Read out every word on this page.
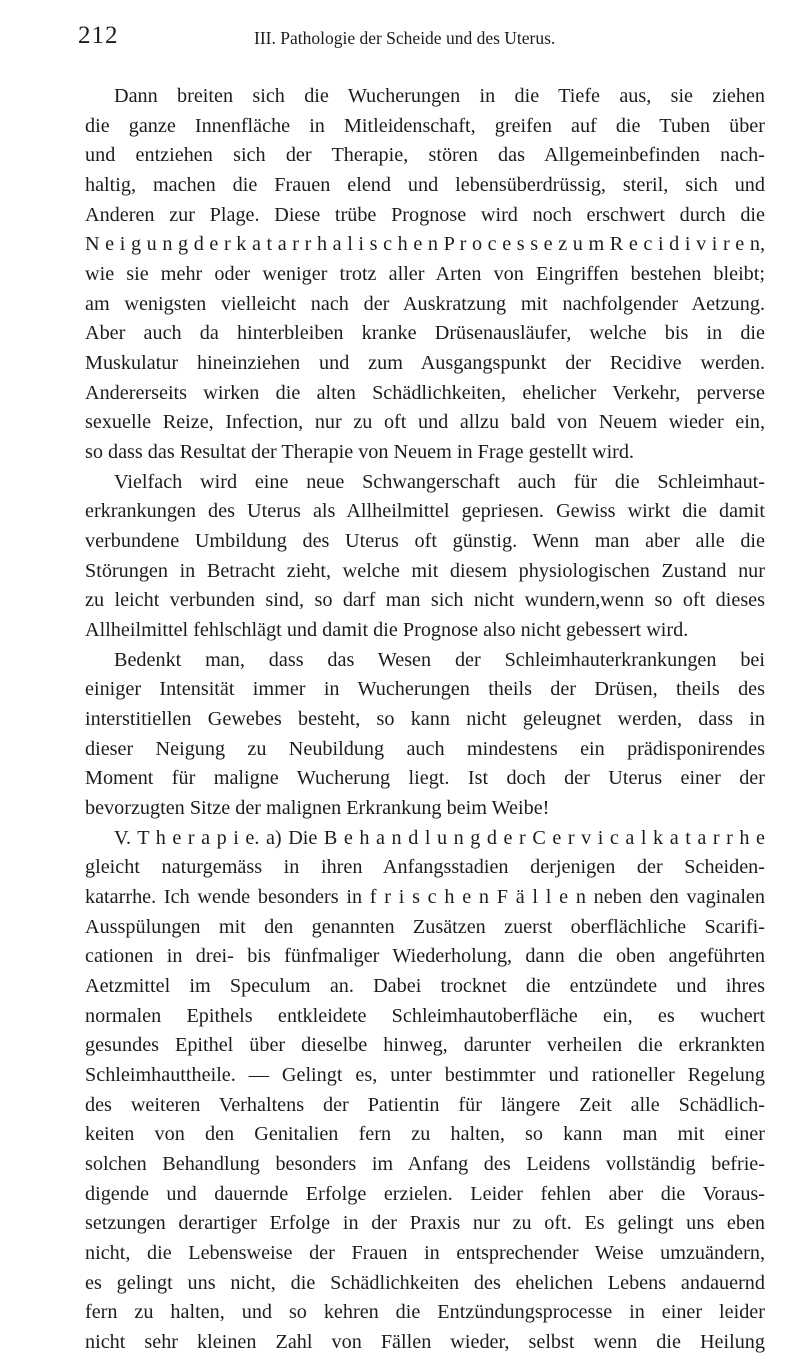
212	III. Pathologie der Scheide und des Uterus.
Dann breiten sich die Wucherungen in die Tiefe aus, sie ziehen
die ganze Innenfläche in Mitleidenschaft, greifen auf die Tuben über
und entziehen sich der Therapie, stören das Allgemeinbefinden nach-
haltig, machen die Frauen elend und lebensüberdrüssig, steril, sich und
Anderen zur Plage. Diese trübe Prognose wird noch erschwert durch die
N e i g u n g d e r k a t a r r h a l i s c h e n P r o c e s s e z u m R e c i d i v i r e n,
wie sie mehr oder weniger trotz aller Arten von Eingriffen bestehen bleibt;
am wenigsten vielleicht nach der Auskratzung mit nachfolgender Aetzung.
Aber auch da hinterbleiben kranke Drüsenausläufer, welche bis in die
Muskulatur hineinziehen und zum Ausgangspunkt der Recidive werden.
Andererseits wirken die alten Schädlichkeiten, ehelicher Verkehr, perverse
sexuelle Reize, Infection, nur zu oft und allzu bald von Neuem wieder ein,
so dass das Resultat der Therapie von Neuem in Frage gestellt wird.
Vielfach wird eine neue Schwangerschaft auch für die Schleimhaut-
erkrankungen des Uterus als Allheilmittel gepriesen. Gewiss wirkt die damit
verbundene Umbildung des Uterus oft günstig. Wenn man aber alle die
Störungen in Betracht zieht, welche mit diesem physiologischen Zustand nur
zu leicht verbunden sind, so darf man sich nicht wundern,wenn so oft dieses
Allheilmittel fehlschlägt und damit die Prognose also nicht gebessert wird.
Bedenkt man, dass das Wesen der Schleimhauterkrankungen bei
einiger Intensität immer in Wucherungen theils der Drüsen, theils des
interstitiellen Gewebes besteht, so kann nicht geleugnet werden, dass in
dieser Neigung zu Neubildung auch mindestens ein prädisponirendes
Moment für maligne Wucherung liegt. Ist doch der Uterus einer der
bevorzugten Sitze der malignen Erkrankung beim Weibe!
V. T h e r a p i e. a) Die B e h a n d l u n g d e r C e r v i c a l k a t a r r h e
gleicht naturgemäss in ihren Anfangsstadien derjenigen der Scheiden-
katarrhe. Ich wende besonders in f r i s c h e n F ä l l e n neben den vaginalen
Ausspülungen mit den genannten Zusätzen zuerst oberflächliche Scarifi-
cationen in drei- bis fünfmaliger Wiederholung, dann die oben angeführten
Aetzmittel im Speculum an. Dabei trocknet die entzündete und ihres
normalen Epithels entkleidete Schleimhautoberfläche ein, es wuchert
gesundes Epithel über dieselbe hinweg, darunter verheilen die erkrankten
Schleimhauttheile. — Gelingt es, unter bestimmter und rationeller Regelung
des weiteren Verhaltens der Patientin für längere Zeit alle Schädlich-
keiten von den Genitalien fern zu halten, so kann man mit einer
solchen Behandlung besonders im Anfang des Leidens vollständig befrie-
digende und dauernde Erfolge erzielen. Leider fehlen aber die Voraus-
setzungen derartiger Erfolge in der Praxis nur zu oft. Es gelingt uns eben
nicht, die Lebensweise der Frauen in entsprechender Weise umzuändern,
es gelingt uns nicht, die Schädlichkeiten des ehelichen Lebens andauernd
fern zu halten, und so kehren die Entzündungsprocesse in einer leider
nicht sehr kleinen Zahl von Fällen wieder, selbst wenn die Heilung
